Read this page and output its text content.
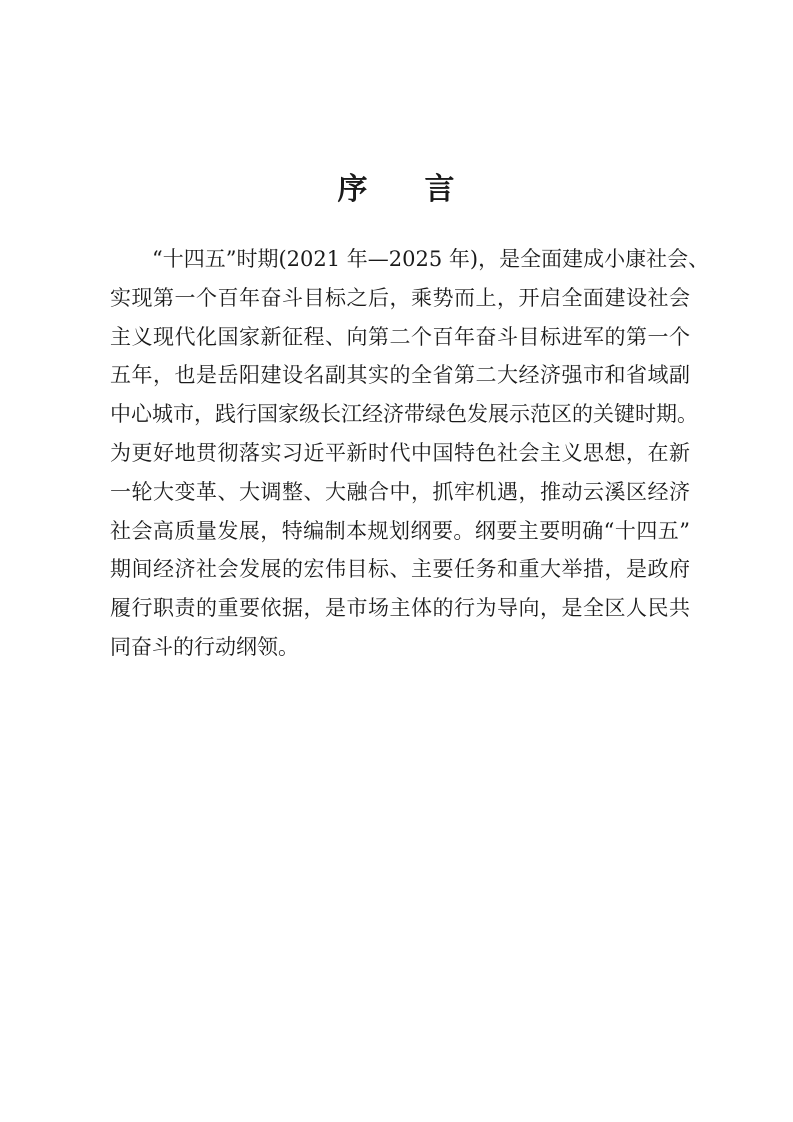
序 言
“十四五”时期(2021 年—2025 年)，是全面建成小康社会、
实现第一个百年奋斗目标之后，乘势而上，开启全面建设社会
主义现代化国家新征程、向第二个百年奋斗目标进军的第一个
五年，也是岳阳建设名副其实的全省第二大经济强市和省域副
中心城市，践行国家级长江经济带绿色发展示范区的关键时期。
为更好地贯彻落实习近平新时代中国特色社会主义思想，在新
一轮大变革、大调整、大融合中，抓牢机遇，推动云溪区经济
社会高质量发展，特编制本规划纲要。纲要主要明确“十四五”
期间经济社会发展的宏伟目标、主要任务和重大举措，是政府
履行职责的重要依据，是市场主体的行为导向，是全区人民共
同奋斗的行动纲领。
